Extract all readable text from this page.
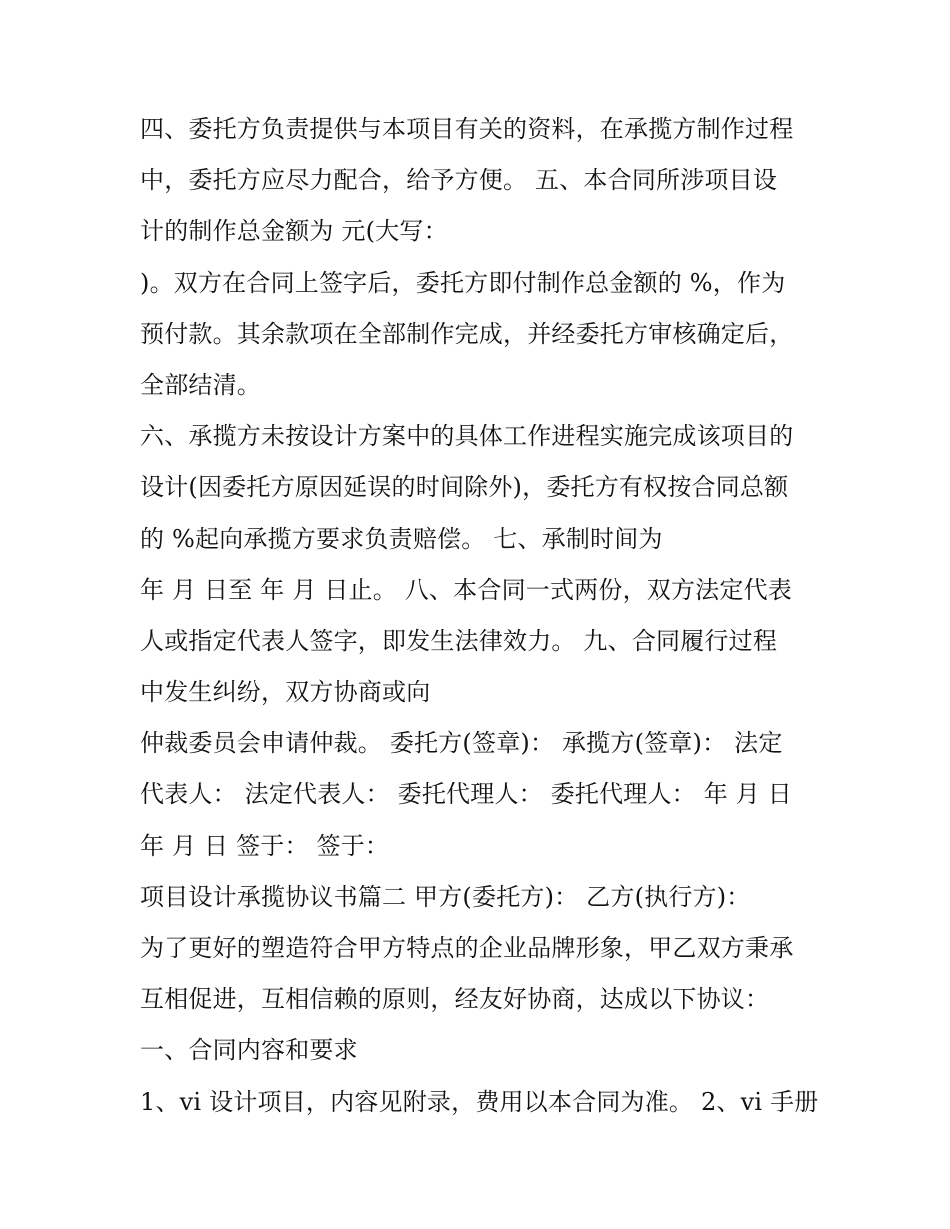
四、委托方负责提供与本项目有关的资料，在承揽方制作过程
中，委托方应尽力配合，给予方便。 五、本合同所涉项目设
计的制作总金额为 元(大写：
)。双方在合同上签字后，委托方即付制作总金额的 %，作为
预付款。其余款项在全部制作完成，并经委托方审核确定后，
全部结清。
六、承揽方未按设计方案中的具体工作进程实施完成该项目的
设计(因委托方原因延误的时间除外)，委托方有权按合同总额
的 %起向承揽方要求负责赔偿。 七、承制时间为
年 月 日至 年 月 日止。 八、本合同一式两份，双方法定代表
人或指定代表人签字，即发生法律效力。 九、合同履行过程
中发生纠纷，双方协商或向
仲裁委员会申请仲裁。 委托方(签章)： 承揽方(签章)： 法定
代表人： 法定代表人： 委托代理人： 委托代理人： 年 月 日
年 月 日 签于： 签于：
项目设计承揽协议书篇二 甲方(委托方)： 乙方(执行方)：
为了更好的塑造符合甲方特点的企业品牌形象，甲乙双方秉承
互相促进，互相信赖的原则，经友好协商，达成以下协议：
一、合同内容和要求
1、vi 设计项目，内容见附录，费用以本合同为准。 2、vi 手册
